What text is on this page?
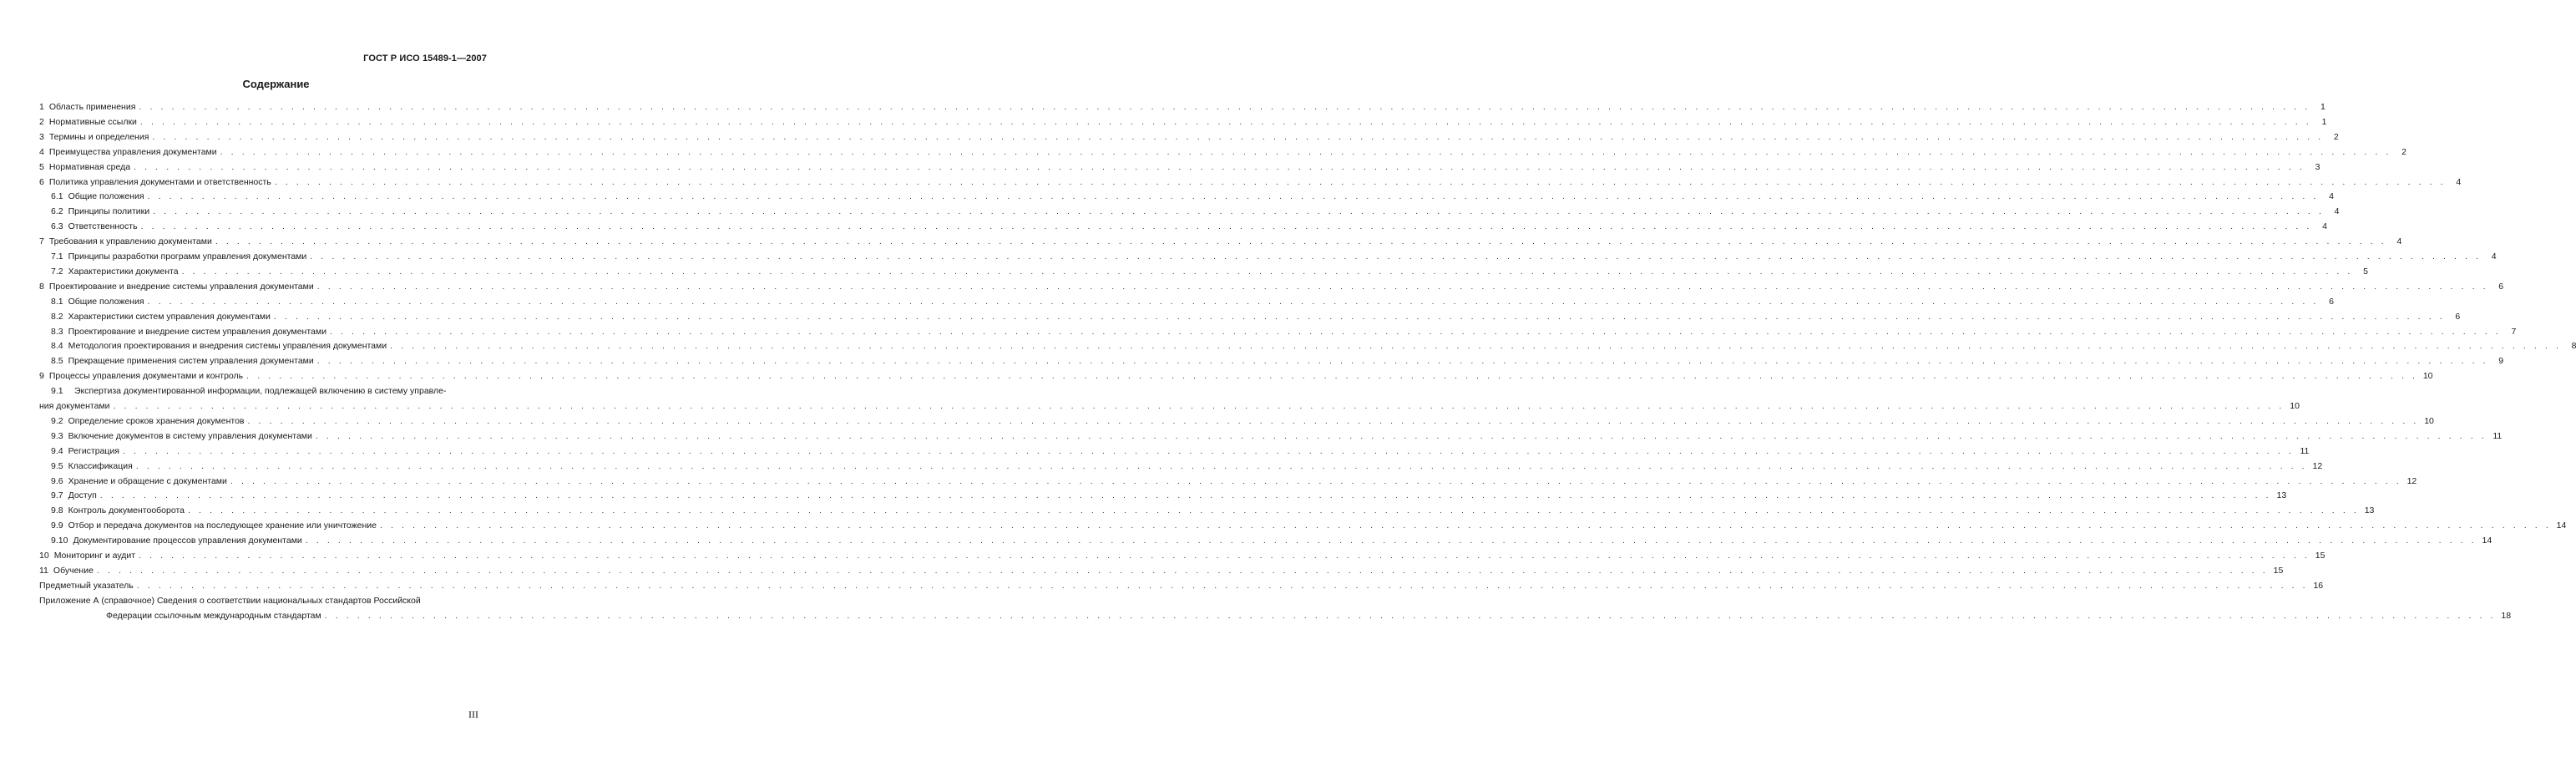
ГОСТ Р ИСО 15489-1—2007
Содержание
1 Область применения . . . . . . . . . . . . . . . . . . . . . . . . . . . . . . . . . . . . . . . . . . . . . . . . . . . . . . . . . . . . . . . . . . . . . . . . . . . . . . . . . . . . . . . . . . . . . . . . . . . . . . . . . . . . . . . . . . . . . . . . . . . . . . . . . . . . . . . . . . . . . . . . . . . . . . . . . . . . . . . . . . . . . . . . . . . . . . . . . . . . . . . . . . . . . . . . . . . . . . . .	1
2 Нормативные ссылки . . . . . . . . . . . . . . . . . . . . . . . . . . . . . . . . . . . . . . . . . . . . . . . . . . . . . . . . . . . . . . . . . . . . . . . . . . . . . . . . . . . . . . . . . . . . . . . . . . . . . . . . . . . . . . . . . . . . . . . . . . . . . . . . . . . . . . . . . . . . . . . . . . . . . . . . . . . . . . . . . . . . . . . . . . . . . . . . . . . . . . . . . . . . . . . . . . . . . . . .	1
3 Термины и определения . . . . . . . . . . . . . . . . . . . . . . . . . . . . . . . . . . . . . . . . . . . . . . . . . . . . . . . . . . . . . . . . . . . . . . . . . . . . . . . . . . . . . . . . . . . . . . . . . . . . . . . . . . . . . . . . . . . . . . . . . . . . . . . . . . . . . . . . . . . . . . . . . . . . . . . . . . . . . . . . . . . . . . . . . . . . . . . . . . . . . . . . . . . . . . . . . . . . . . . .	2
4 Преимущества управления документами . . . . . . . . . . . . . . . . . . . . . . . . . . . . . . . . . . . . . . . . . . . . . . . . . . . . . . . . . . . . . . . . . . . . . . . . . . . . . . . . . . . . . . . . . . . . . . . . . . . . . . . . . . . . . . . . . . . . . . . . . . . . . . . . . . . . . . . . . . . . . . . . . . . . . . . . . . . . . . . . . . . . . . . . . . . . . . . . . . . . . . . . . . . . . . . . . . . . . . . .	2
5 Нормативная среда . . . . . . . . . . . . . . . . . . . . . . . . . . . . . . . . . . . . . . . . . . . . . . . . . . . . . . . . . . . . . . . . . . . . . . . . . . . . . . . . . . . . . . . . . . . . . . . . . . . . . . . . . . . . . . . . . . . . . . . . . . . . . . . . . . . . . . . . . . . . . . . . . . . . . . . . . . . . . . . . . . . . . . . . . . . . . . . . . . . . . . . . . . . . . . . . . . . . . . . .	3
6 Политика управления документами и ответственность . . . . . . . . . . . . . . . . . . . . . . . . . . . . . . . . . . . . . . . . . . . . . . . . . . . . . . . . . . . . . . . . . . . . . . . . . . . . . . . . . . . . . . . . . . . . . . . . . . . . . . . . . . . . . . . . . . . . . . . . . . . . . . . . . . . . . . . . . . . . . . . . . . . . . . . . . . . . . . . . . . . . . . . . . . . . . . . . . . . . . . . . . . . . . . . . . . . . . . . .	4
6.1 Общие положения . . . . . . . . . . . . . . . . . . . . . . . . . . . . . . . . . . . . . . . . . . . . . . . . . . . . . . . . . . . . . . . . . . . . . . . . . . . . . . . . . . . . . . . . . . . . . . . . . . . . . . . . . . . . . . . . . . . . . . . . . . . . . . . . . . . . . . . . . . . . . . . . . . . . . . . . . . . . . . . . . . . . . . . . . . . . . . . . . . . . . . . . . . . . . . . . . . . . . . . .	4
6.2 Принципы политики . . . . . . . . . . . . . . . . . . . . . . . . . . . . . . . . . . . . . . . . . . . . . . . . . . . . . . . . . . . . . . . . . . . . . . . . . . . . . . . . . . . . . . . . . . . . . . . . . . . . . . . . . . . . . . . . . . . . . . . . . . . . . . . . . . . . . . . . . . . . . . . . . . . . . . . . . . . . . . . . . . . . . . . . . . . . . . . . . . . . . . . . . . . . . . . . . . . . . . . .	4
6.3 Ответственность . . . . . . . . . . . . . . . . . . . . . . . . . . . . . . . . . . . . . . . . . . . . . . . . . . . . . . . . . . . . . . . . . . . . . . . . . . . . . . . . . . . . . . . . . . . . . . . . . . . . . . . . . . . . . . . . . . . . . . . . . . . . . . . . . . . . . . . . . . . . . . . . . . . . . . . . . . . . . . . . . . . . . . . . . . . . . . . . . . . . . . . . . . . . . . . . . . . . . . . .	4
7 Требования к управлению документами . . . . . . . . . . . . . . . . . . . . . . . . . . . . . . . . . . . . . . . . . . . . . . . . . . . . . . . . . . . . . . . . . . . . . . . . . . . . . . . . . . . . . . . . . . . . . . . . . . . . . . . . . . . . . . . . . . . . . . . . . . . . . . . . . . . . . . . . . . . . . . . . . . . . . . . . . . . . . . . . . . . . . . . . . . . . . . . . . . . . . . . . . . . . . . . . . . . . . . . .	4
7.1 Принципы разработки программ управления документами . . . . . . . . . . . . . . . . . . . . . . . . . . . . . . . . . . . . . . . . . . . . . . . . . . . . . . . . . . . . . . . . . . . . . . . . . . . . . . . . . . . . . . . . . . . . . . . . . . . . . . . . . . . . . . . . . . . . . . . . . . . . . . . . . . . . . . . . . . . . . . . . . . . . . . . . . . . . . . . . . . . . . . . . . . . . . . . . . . . . . . . . . . . . . . . . . . . . . . . .	4
7.2 Характеристики документа . . . . . . . . . . . . . . . . . . . . . . . . . . . . . . . . . . . . . . . . . . . . . . . . . . . . . . . . . . . . . . . . . . . . . . . . . . . . . . . . . . . . . . . . . . . . . . . . . . . . . . . . . . . . . . . . . . . . . . . . . . . . . . . . . . . . . . . . . . . . . . . . . . . . . . . . . . . . . . . . . . . . . . . . . . . . . . . . . . . . . . . . . . . . . . . . . . . . . . . .	5
8 Проектирование и внедрение системы управления документами . . . . . . . . . . . . . . . . . . . . . . . . . . . . . . . . . . . . . . . . . . . . . . . . . . . . . . . . . . . . . . . . . . . . . . . . . . . . . . . . . . . . . . . . . . . . . . . . . . . . . . . . . . . . . . . . . . . . . . . . . . . . . . . . . . . . . . . . . . . . . . . . . . . . . . . . . . . . . . . . . . . . . . . . . . . . . . . . . . . . . . . . . . . . . . . . . . . . . . . .	6
8.1 Общие положения . . . . . . . . . . . . . . . . . . . . . . . . . . . . . . . . . . . . . . . . . . . . . . . . . . . . . . . . . . . . . . . . . . . . . . . . . . . . . . . . . . . . . . . . . . . . . . . . . . . . . . . . . . . . . . . . . . . . . . . . . . . . . . . . . . . . . . . . . . . . . . . . . . . . . . . . . . . . . . . . . . . . . . . . . . . . . . . . . . . . . . . . . . . . . . . . . . . . . . . .	6
8.2 Характеристики систем управления документами . . . . . . . . . . . . . . . . . . . . . . . . . . . . . . . . . . . . . . . . . . . . . . . . . . . . . . . . . . . . . . . . . . . . . . . . . . . . . . . . . . . . . . . . . . . . . . . . . . . . . . . . . . . . . . . . . . . . . . . . . . . . . . . . . . . . . . . . . . . . . . . . . . . . . . . . . . . . . . . . . . . . . . . . . . . . . . . . . . . . . . . . . . . . . . . . . . . . . . . .	6
8.3 Проектирование и внедрение систем управления документами . . . . . . . . . . . . . . . . . . . . . . . . . . . . . . . . . . . . . . . . . . . . . . . . . . . . . . . . . . . . . . . . . . . . . . . . . . . . . . . . . . . . . . . . . . . . . . . . . . . . . . . . . . . . . . . . . . . . . . . . . . . . . . . . . . . . . . . . . . . . . . . . . . . . . . . . . . . . . . . . . . . . . . . . . . . . . . . . . . . . . . . . . . . . . . . . . . . . . . . .	7
8.4 Методология проектирования и внедрения системы управления документами . . . . . . . . . . . . . . . . . . . . . . . . . . . . . . . . . . . . . . . . . . . . . . . . . . . . . . . . . . . . . . . . . . . . . . . . . . . . . . . . . . . . . . . . . . . . . . . . . . . . . . . . . . . . . . . . . . . . . . . . . . . . . . . . . . . . . . . . . . . . . . . . . . . . . . . . . . . . . . . . . . . . . . . . . . . . . . . . . . . . . . . . . . . . . . . . . . . . . . . .	8
8.5 Прекращение применения систем управления документами . . . . . . . . . . . . . . . . . . . . . . . . . . . . . . . . . . . . . . . . . . . . . . . . . . . . . . . . . . . . . . . . . . . . . . . . . . . . . . . . . . . . . . . . . . . . . . . . . . . . . . . . . . . . . . . . . . . . . . . . . . . . . . . . . . . . . . . . . . . . . . . . . . . . . . . . . . . . . . . . . . . . . . . . . . . . . . . . . . . . . . . . . . . . . . . . . . . . . . . .	9
9 Процессы управления документами и контроль . . . . . . . . . . . . . . . . . . . . . . . . . . . . . . . . . . . . . . . . . . . . . . . . . . . . . . . . . . . . . . . . . . . . . . . . . . . . . . . . . . . . . . . . . . . . . . . . . . . . . . . . . . . . . . . . . . . . . . . . . . . . . . . . . . . . . . . . . . . . . . . . . . . . . . . . . . . . . . . . . . . . . . . . . . . . . . . . . . . . . . . . . . . . . . . . . . . . . . . . 10
9.1 Экспертиза документированной информации, подлежащей включению в систему управле-
ния документами . . . . . . . . . . . . . . . . . . . . . . . . . . . . . . . . . . . . . . . . . . . . . . . . . . . . . . . . . . . . . . . . . . . . . . . . . . . . . . . . . . . . . . . . . . . . . . . . . . . . . . . . . . . . . . . . . . . . . . . . . . . . . . . . . . . . . . . . . . . . . . . . . . . . . . . . . . . . . . . . . . . . . . . . . . . . . . . . . . . . . . . . . . . . . . . . . . . . . . . . 10
9.2 Определение сроков хранения документов . . . . . . . . . . . . . . . . . . . . . . . . . . . . . . . . . . . . . . . . . . . . . . . . . . . . . . . . . . . . . . . . . . . . . . . . . . . . . . . . . . . . . . . . . . . . . . . . . . . . . . . . . . . . . . . . . . . . . . . . . . . . . . . . . . . . . . . . . . . . . . . . . . . . . . . . . . . . . . . . . . . . . . . . . . . . . . . . . . . . . . . . . . . . . . . . . . . . . . . . 10
9.3 Включение документов в систему управления документами . . . . . . . . . . . . . . . . . . . . . . . . . . . . . . . . . . . . . . . . . . . . . . . . . . . . . . . . . . . . . . . . . . . . . . . . . . . . . . . . . . . . . . . . . . . . . . . . . . . . . . . . . . . . . . . . . . . . . . . . . . . . . . . . . . . . . . . . . . . . . . . . . . . . . . . . . . . . . . . . . . . . . . . . . . . . . . . . . . . . . . . . . . . . . . . . . . . . . . . . 11
9.4 Регистрация . . . . . . . . . . . . . . . . . . . . . . . . . . . . . . . . . . . . . . . . . . . . . . . . . . . . . . . . . . . . . . . . . . . . . . . . . . . . . . . . . . . . . . . . . . . . . . . . . . . . . . . . . . . . . . . . . . . . . . . . . . . . . . . . . . . . . . . . . . . . . . . . . . . . . . . . . . . . . . . . . . . . . . . . . . . . . . . . . . . . . . . . . . . . . . . . . . . . . . . . 11
9.5 Классификация . . . . . . . . . . . . . . . . . . . . . . . . . . . . . . . . . . . . . . . . . . . . . . . . . . . . . . . . . . . . . . . . . . . . . . . . . . . . . . . . . . . . . . . . . . . . . . . . . . . . . . . . . . . . . . . . . . . . . . . . . . . . . . . . . . . . . . . . . . . . . . . . . . . . . . . . . . . . . . . . . . . . . . . . . . . . . . . . . . . . . . . . . . . . . . . . . . . . . . . . 12
9.6 Хранение и обращение с документами . . . . . . . . . . . . . . . . . . . . . . . . . . . . . . . . . . . . . . . . . . . . . . . . . . . . . . . . . . . . . . . . . . . . . . . . . . . . . . . . . . . . . . . . . . . . . . . . . . . . . . . . . . . . . . . . . . . . . . . . . . . . . . . . . . . . . . . . . . . . . . . . . . . . . . . . . . . . . . . . . . . . . . . . . . . . . . . . . . . . . . . . . . . . . . . . . . . . . . . . 12
9.7 Доступ . . . . . . . . . . . . . . . . . . . . . . . . . . . . . . . . . . . . . . . . . . . . . . . . . . . . . . . . . . . . . . . . . . . . . . . . . . . . . . . . . . . . . . . . . . . . . . . . . . . . . . . . . . . . . . . . . . . . . . . . . . . . . . . . . . . . . . . . . . . . . . . . . . . . . . . . . . . . . . . . . . . . . . . . . . . . . . . . . . . . . . . . . . . . . . . . . . . . . . . . 13
9.8 Контроль документооборота . . . . . . . . . . . . . . . . . . . . . . . . . . . . . . . . . . . . . . . . . . . . . . . . . . . . . . . . . . . . . . . . . . . . . . . . . . . . . . . . . . . . . . . . . . . . . . . . . . . . . . . . . . . . . . . . . . . . . . . . . . . . . . . . . . . . . . . . . . . . . . . . . . . . . . . . . . . . . . . . . . . . . . . . . . . . . . . . . . . . . . . . . . . . . . . . . . . . . . . . 13
9.9 Отбор и передача документов на последующее хранение или уничтожение . . . . . . . . . . . . . . . . . . . . . . . . . . . . . . . . . . . . . . . . . . . . . . . . . . . . . . . . . . . . . . . . . . . . . . . . . . . . . . . . . . . . . . . . . . . . . . . . . . . . . . . . . . . . . . . . . . . . . . . . . . . . . . . . . . . . . . . . . . . . . . . . . . . . . . . . . . . . . . . . . . . . . . . . . . . . . . . . . . . . . . . . . . . . . . . . . . . . . . . . 14
9.10 Документирование процессов управления документами . . . . . . . . . . . . . . . . . . . . . . . . . . . . . . . . . . . . . . . . . . . . . . . . . . . . . . . . . . . . . . . . . . . . . . . . . . . . . . . . . . . . . . . . . . . . . . . . . . . . . . . . . . . . . . . . . . . . . . . . . . . . . . . . . . . . . . . . . . . . . . . . . . . . . . . . . . . . . . . . . . . . . . . . . . . . . . . . . . . . . . . . . . . . . . . . . . . . . . . . 14
10 Мониторинг и аудит . . . . . . . . . . . . . . . . . . . . . . . . . . . . . . . . . . . . . . . . . . . . . . . . . . . . . . . . . . . . . . . . . . . . . . . . . . . . . . . . . . . . . . . . . . . . . . . . . . . . . . . . . . . . . . . . . . . . . . . . . . . . . . . . . . . . . . . . . . . . . . . . . . . . . . . . . . . . . . . . . . . . . . . . . . . . . . . . . . . . . . . . . . . . . . . . . . . . . . . . 15
11 Обучение . . . . . . . . . . . . . . . . . . . . . . . . . . . . . . . . . . . . . . . . . . . . . . . . . . . . . . . . . . . . . . . . . . . . . . . . . . . . . . . . . . . . . . . . . . . . . . . . . . . . . . . . . . . . . . . . . . . . . . . . . . . . . . . . . . . . . . . . . . . . . . . . . . . . . . . . . . . . . . . . . . . . . . . . . . . . . . . . . . . . . . . . . . . . . . . . . . . . . . . . 15
Предметный указатель . . . . . . . . . . . . . . . . . . . . . . . . . . . . . . . . . . . . . . . . . . . . . . . . . . . . . . . . . . . . . . . . . . . . . . . . . . . . . . . . . . . . . . . . . . . . . . . . . . . . . . . . . . . . . . . . . . . . . . . . . . . . . . . . . . . . . . . . . . . . . . . . . . . . . . . . . . . . . . . . . . . . . . . . . . . . . . . . . . . . . . . . . . . . . . . . . . . . . . . . 16
Приложение А (справочное) Сведения о соответствии национальных стандартов Российской
Федерации ссылочным международным стандартам . . . . . . . . . . . . . . . . . . . . . . . . . . . . . . . . . . . . . . . . . . . . . . . . . . . . . . . . . . . . . . . . . . . . . . . . . . . . . . . . . . . . . . . . . . . . . . . . . . . . . . . . . . . . . . . . . . . . . . . . . . . . . . . . . . . . . . . . . . . . . . . . . . . . . . . . . . . . . . . . . . . . . . . . . . . . . . . . . . . . . . . . . . . . . . . . . . . . . . . . 18
III
